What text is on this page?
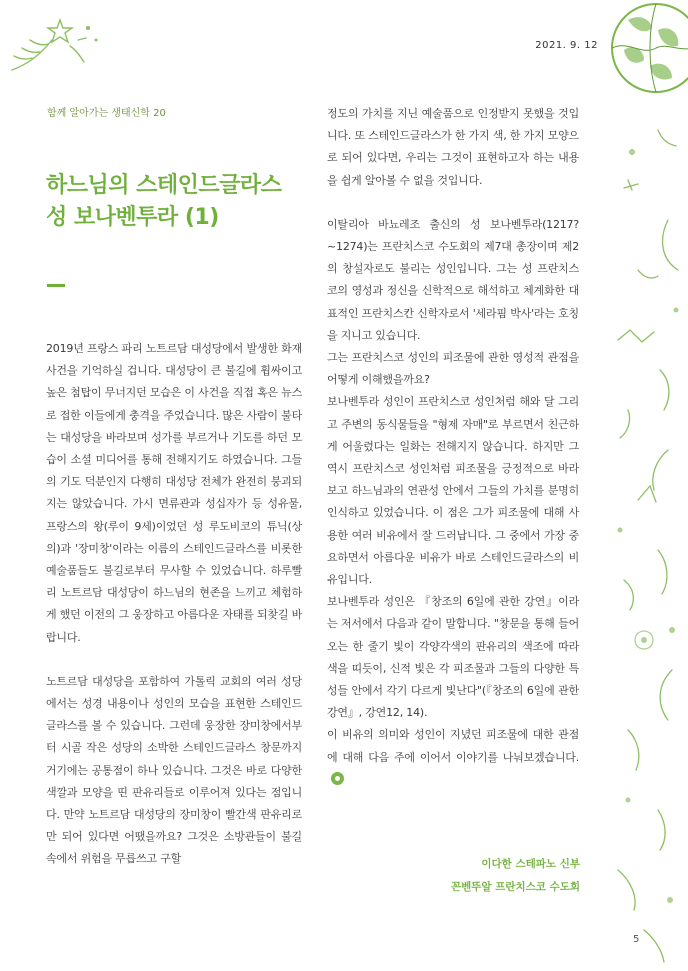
2021. 9. 12
함께 알아가는 생태신학 20
하느님의 스테인드글라스
성 보나벤투라 (1)

2019년 프랑스 파리 노트르담 대성당에서 발생한 화재 사건을 기억하실 겁니다. 대성당이 큰 불길에 휩싸이고 높은 첨탑이 무너지던 모습은 이 사건을 직접 혹은 뉴스로 접한 이들에게 충격을 주었습니다. 많은 사람이 불타는 대성당을 바라보며 성가를 부르거나 기도를 하던 모습이 소셜 미디어를 통해 전해지기도 하였습니다. 그들의 기도 덕분인지 다행히 대성당 전체가 완전히 붕괴되지는 않았습니다. 가시 면류관과 성십자가 등 성유물, 프랑스의 왕(루이 9세)이었던 성 루도비코의 튜닉(상의)과 '장미창'이라는 이름의 스테인드글라스를 비롯한 예술품들도 불길로부터 무사할 수 있었습니다. 하루빨리 노트르담 대성당이 하느님의 현존을 느끼고 체험하게 했던 이전의 그 웅장하고 아름다운 자태를 되찾길 바랍니다.

노트르담 대성당을 포함하여 가톨릭 교회의 여러 성당에서는 성경 내용이나 성인의 모습을 표현한 스테인드글라스를 볼 수 있습니다. 그런데 웅장한 장미창에서부터 시골 작은 성당의 소박한 스테인드글라스 창문까지 거기에는 공통점이 하나 있습니다. 그것은 바로 다양한 색깔과 모양을 띤 판유리들로 이루어져 있다는 점입니다. 만약 노트르담 대성당의 장미창이 빨간색 판유리로만 되어 있다면 어땠을까요? 그것은 소방관들이 불길 속에서 위험을 무릅쓰고 구할

정도의 가치를 지닌 예술품으로 인정받지 못했을 것입니다. 또 스테인드글라스가 한 가지 색, 한 가지 모양으로 되어 있다면, 우리는 그것이 표현하고자 하는 내용을 쉽게 알아볼 수 없을 것입니다.

이탈리아 바뇨레조 출신의 성 보나벤투라(1217?~1274)는 프란치스코 수도회의 제7대 총장이며 제2의 창설자로도 불리는 성인입니다. 그는 성 프란치스코의 영성과 정신을 신학적으로 해석하고 체계화한 대표적인 프란치스칸 신학자로서 '세라핌 박사'라는 호칭을 지니고 있습니다.

그는 프란치스코 성인의 피조물에 관한 영성적 관점을 어떻게 이해했을까요?

보나벤투라 성인이 프란치스코 성인처럼 해와 달 그리고 주변의 동식물들을 "형제 자매"로 부르면서 친근하게 어울렸다는 일화는 전해지지 않습니다. 하지만 그 역시 프란치스코 성인처럼 피조물을 긍정적으로 바라보고 하느님과의 연관성 안에서 그들의 가치를 분명히 인식하고 있었습니다. 이 점은 그가 피조물에 대해 사용한 여러 비유에서 잘 드러납니다. 그 중에서 가장 중요하면서 아름다운 비유가 바로 스테인드글라스의 비유입니다.

보나벤투라 성인은 『창조의 6일에 관한 강연』이라는 저서에서 다음과 같이 말합니다. "창문을 통해 들어오는 한 줄기 빛이 각양각색의 판유리의 색조에 따라 색을 띠듯이, 신적 빛은 각 피조물과 그들의 다양한 특성들 안에서 각기 다르게 빛난다"(『창조의 6일에 관한 강연』, 강연12, 14).

이 비유의 의미와 성인이 지녔던 피조물에 대한 관점에 대해 다음 주에 이어서 이야기를 나눠보겠습니다.

이다한 스테파노 신부
꼰벤뚜알 프란치스코 수도회
5
